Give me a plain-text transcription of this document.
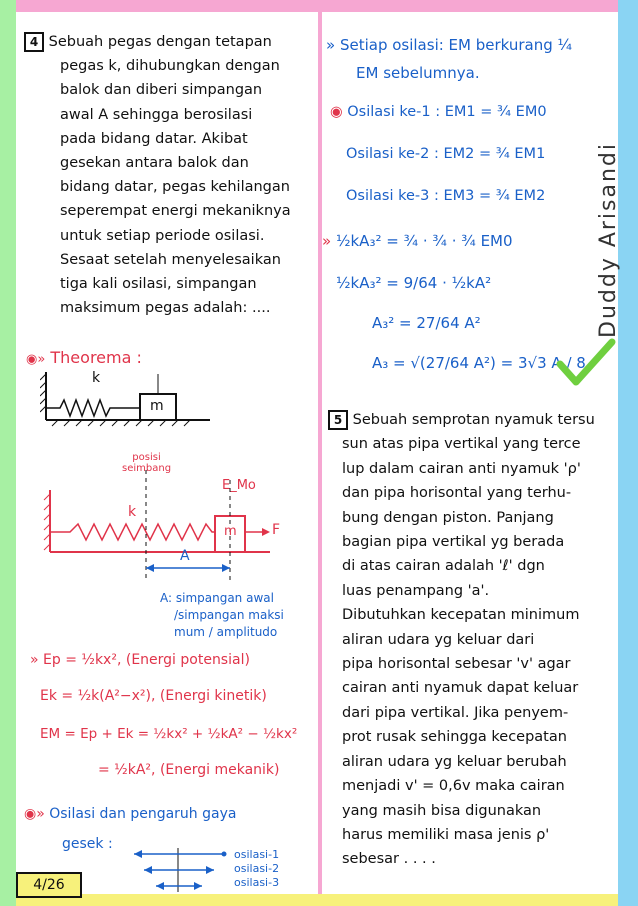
Duddy Arisandi
4 Sebuah pegas dengan tetapan
pegas k, dihubungkan dengan
balok dan diberi simpangan
awal A sehingga berosilasi
pada bidang datar. Akibat
gesekan antara balok dan
bidang datar, pegas kehilangan
seperempat energi mekaniknya
untuk setiap periode osilasi.
Sesaat setelah menyelesaikan
tiga kali osilasi, simpangan
maksimum pegas adalah: ....
◉» Theorema :
k
m
posisi
seimbang
E_Mo
k
m	F
A
A: simpangan awal
/simpangan maksi
mum / amplitudo
» Ep = ½kx², (Energi potensial)
Ek = ½k(A²−x²), (Energi kinetik)
EM = Ep + Ek = ½kx² + ½kA² − ½kx²
= ½kA², (Energi mekanik)
◉» Osilasi dan pengaruh gaya
gesek :
osilasi-1
osilasi-2
osilasi-3
4/26
» Setiap osilasi: EM berkurang ¼
EM sebelumnya.
◉ Osilasi ke-1 : EM1 = ¾ EM0
Osilasi ke-2 : EM2 = ¾ EM1
Osilasi ke-3 : EM3 = ¾ EM2
» ½kA₃² = ¾ · ¾ · ¾ EM0
½kA₃² = 9/64 · ½kA²
A₃² = 27/64 A²
A₃ = √(27/64 A²) = 3√3 A / 8
5 Sebuah semprotan nyamuk tersu
sun atas pipa vertikal yang terce
lup dalam cairan anti nyamuk 'ρ'
dan pipa horisontal yang terhu-
bung dengan piston. Panjang
bagian pipa vertikal yg berada
di atas cairan adalah 'ℓ' dgn
luas penampang 'a'.
Dibutuhkan kecepatan minimum
aliran udara yg keluar dari
pipa horisontal sebesar 'v' agar
cairan anti nyamuk dapat keluar
dari pipa vertikal. Jika penyem-
prot rusak sehingga kecepatan
aliran udara yg keluar berubah
menjadi v' = 0,6v maka cairan
yang masih bisa digunakan
harus memiliki masa jenis ρ'
sebesar . . . .
